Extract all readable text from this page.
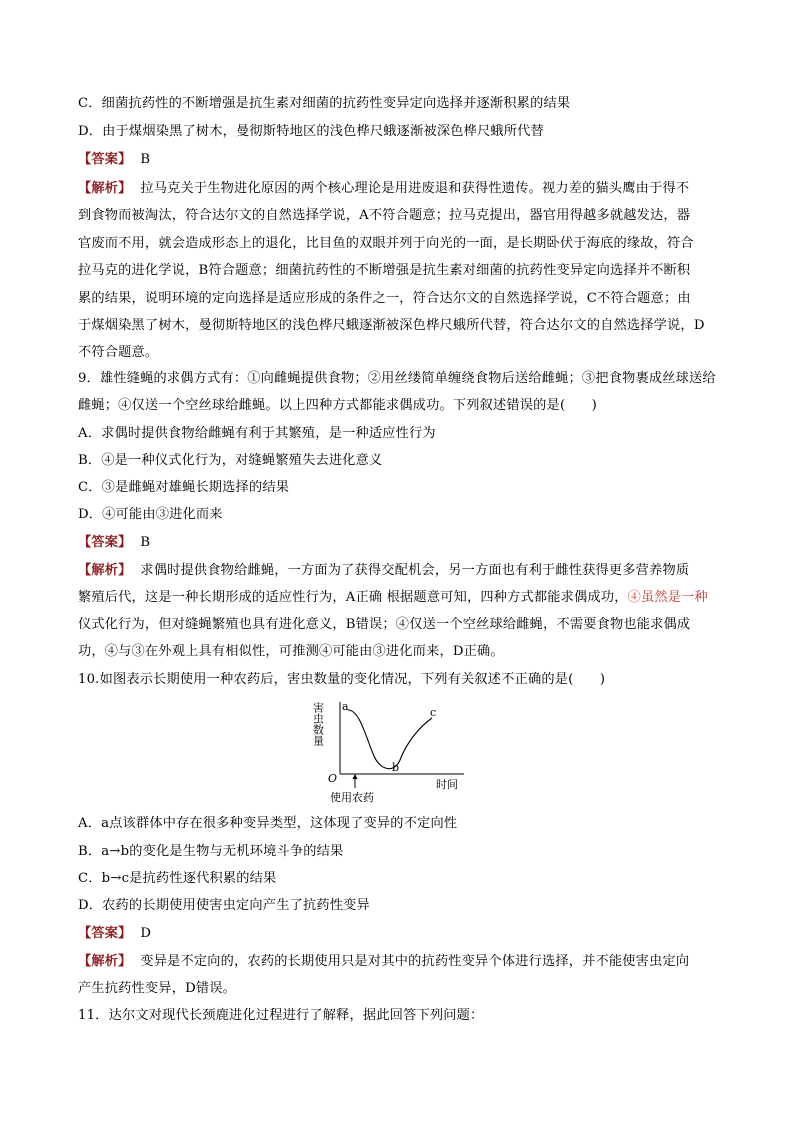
C．细菌抗药性的不断增强是抗生素对细菌的抗药性变异定向选择并逐渐积累的结果
D．由于煤烟染黑了树木，曼彻斯特地区的浅色桦尺蛾逐渐被深色桦尺蛾所代替
【答案】  B
【解析】  拉马克关于生物进化原因的两个核心理论是用进废退和获得性遗传。视力差的猫头鹰由于得不
到食物而被淘汰，符合达尔文的自然选择学说，A不符合题意；拉马克提出，器官用得越多就越发达，器
官废而不用，就会造成形态上的退化，比目鱼的双眼并列于向光的一面，是长期卧伏于海底的缘故，符合
拉马克的进化学说，B符合题意；细菌抗药性的不断增强是抗生素对细菌的抗药性变异定向选择并不断积
累的结果，说明环境的定向选择是适应形成的条件之一，符合达尔文的自然选择学说，C不符合题意；由
于煤烟染黑了树木，曼彻斯特地区的浅色桦尺蛾逐渐被深色桦尺蛾所代替，符合达尔文的自然选择学说，D
不符合题意。
9．雄性缝蝇的求偶方式有：①向雌蝇提供食物；②用丝缕简单缠绕食物后送给雌蝇；③把食物裹成丝球送给
雌蝇；④仅送一个空丝球给雌蝇。以上四种方式都能求偶成功。下列叙述错误的是(      )
A．求偶时提供食物给雌蝇有利于其繁殖，是一种适应性行为
B．④是一种仪式化行为，对缝蝇繁殖失去进化意义
C．③是雌蝇对雄蝇长期选择的结果
D．④可能由③进化而来
【答案】  B
【解析】  求偶时提供食物给雌蝇，一方面为了获得交配机会，另一方面也有利于雌性获得更多营养物质
繁殖后代，这是一种长期形成的适应性行为，A正确 根据题意可知，四种方式都能求偶成功，④虽然是一种
仪式化行为，但对缝蝇繁殖也具有进化意义，B错误；④仅送一个空丝球给雌蝇，不需要食物也能求偶成
功，④与③在外观上具有相似性，可推测④可能由③进化而来，D正确。
10.如图表示长期使用一种农药后，害虫数量的变化情况，下列有关叙述不正确的是(      )
A．a点该群体中存在很多种变异类型，这体现了变异的不定向性
B．a→b的变化是生物与无机环境斗争的结果
C．b→c是抗药性逐代积累的结果
D．农药的长期使用使害虫定向产生了抗药性变异
【答案】  D
【解析】  变异是不定向的，农药的长期使用只是对其中的抗药性变异个体进行选择，并不能使害虫定向
产生抗药性变异，D错误。
11．达尔文对现代长颈鹿进化过程进行了解释，据此回答下列问题：
害虫数量
O	时间
使用农药
a
b
c
